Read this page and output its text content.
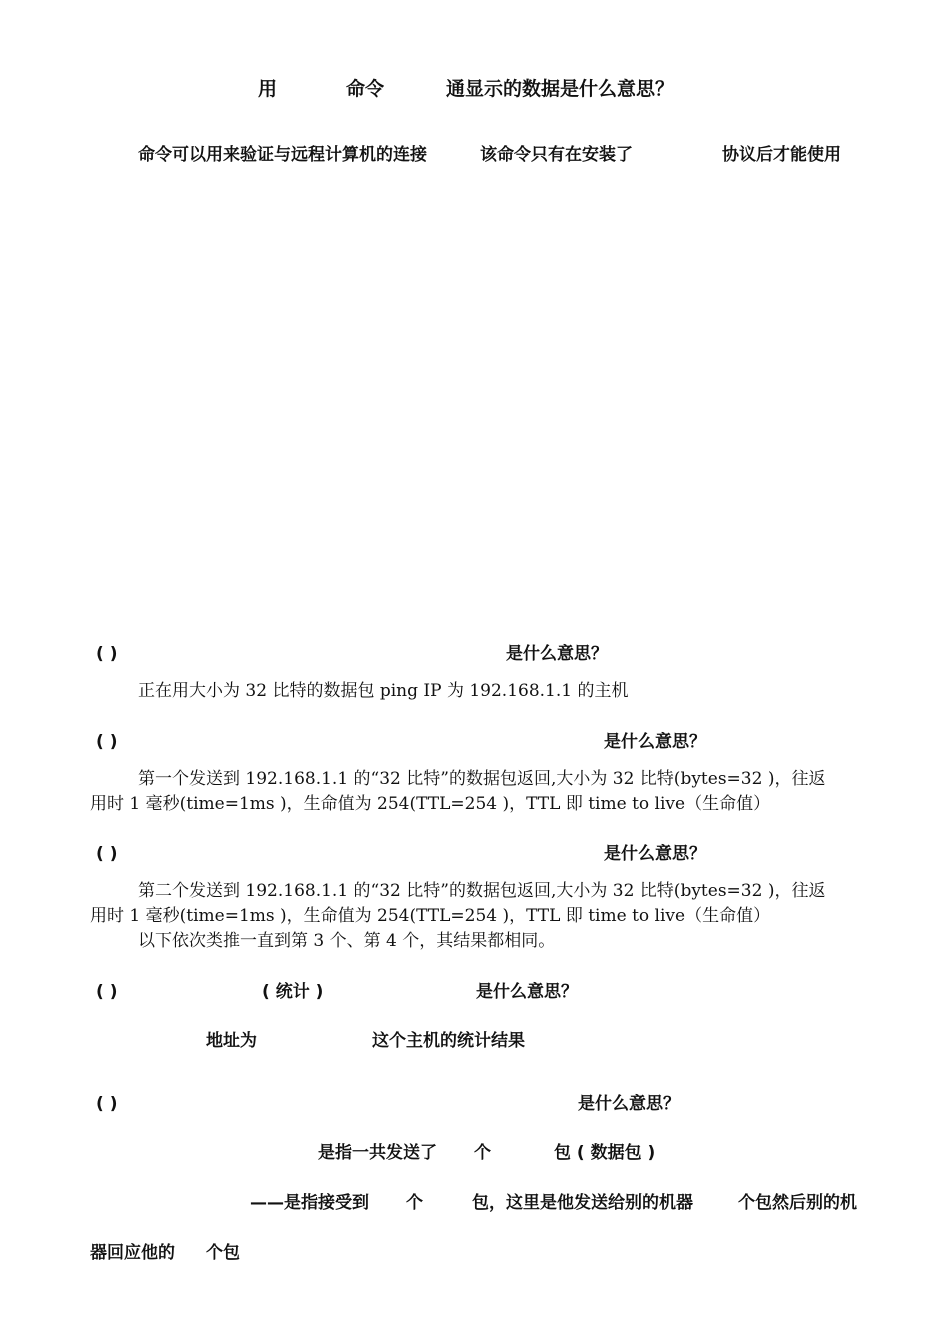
用	命令	通显示的数据是什么意思？
命令可以用来验证与远程计算机的连接	该命令只有在安装了	协议后才能使用
( )	是什么意思？
正在用大小为 32 比特的数据包 ping IP 为 192.168.1.1 的主机
( )	是什么意思？
第一个发送到 192.168.1.1 的“32 比特”的数据包返回,大小为 32 比特(bytes=32 )，往返
用时 1 毫秒(time=1ms )，生命值为 254(TTL=254 )，TTL 即 time to live（生命值）
( )	是什么意思？
第二个发送到 192.168.1.1 的“32 比特”的数据包返回,大小为 32 比特(bytes=32 )，往返
用时 1 毫秒(time=1ms )，生命值为 254(TTL=254 )，TTL 即 time to live（生命值）
以下依次类推一直到第 3 个、第 4 个，其结果都相同。
( )	( 统计 )	是什么意思？
地址为	这个主机的统计结果
( )	是什么意思？
是指一共发送了 个	包 ( 数据包 )
——是指接受到 个	包，这里是他发送给别的机器	个包然后别的机
器回应他的 个包
